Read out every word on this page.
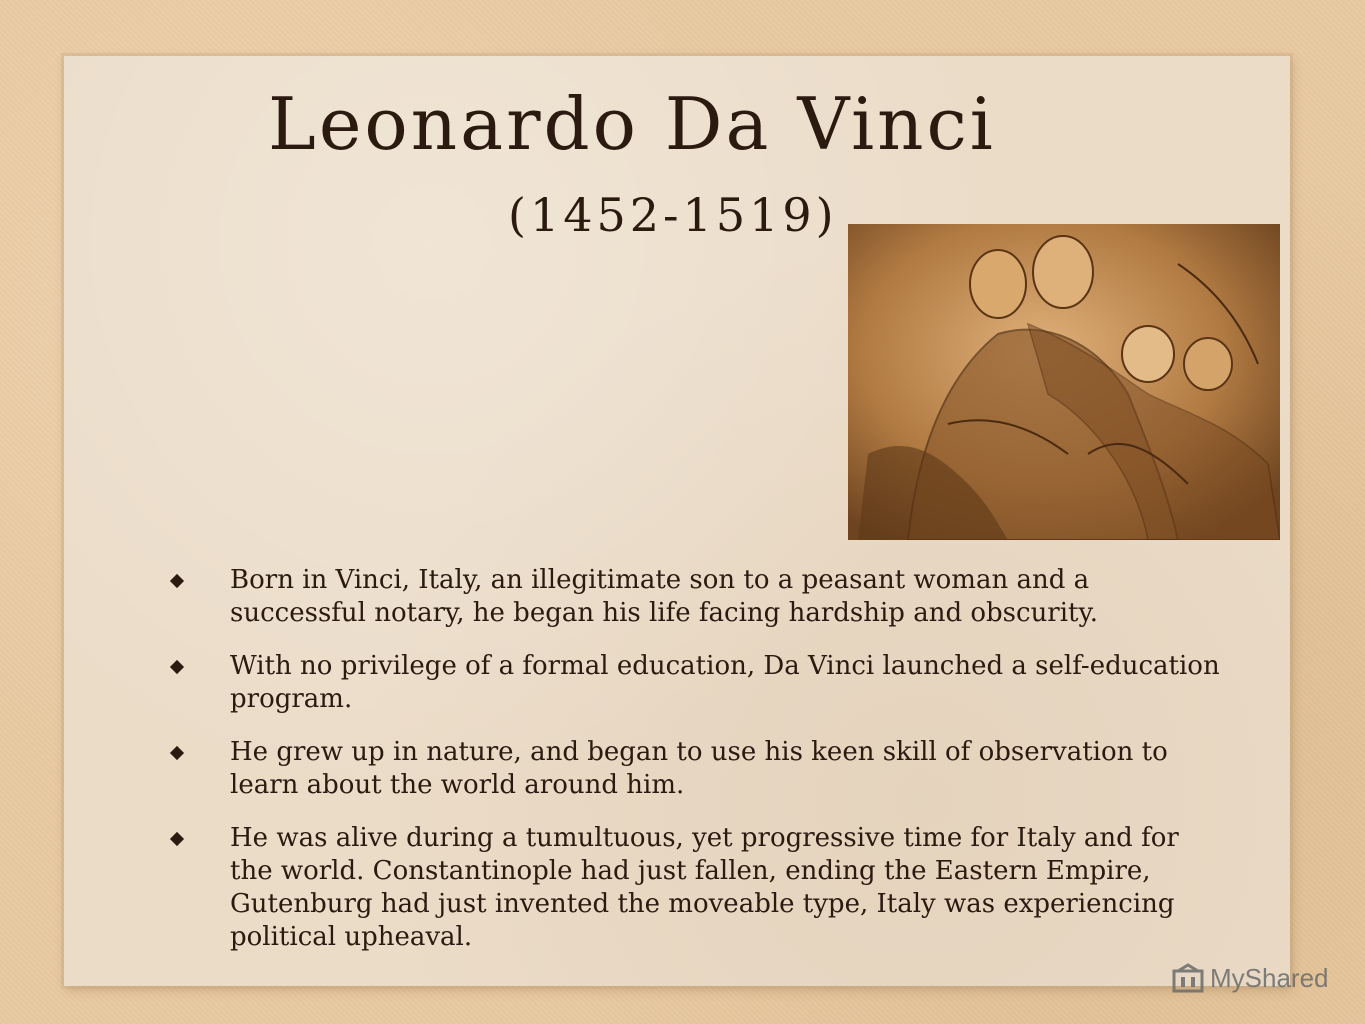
Leonardo Da Vinci
(1452-1519)
Born in Vinci, Italy, an illegitimate son to a peasant woman and a successful notary, he began his life facing hardship and obscurity.
With no privilege of a formal education, Da Vinci launched a self-education program.
He grew up in nature, and began to use his keen skill of observation to learn about the world around him.
He was alive during a tumultuous, yet progressive time for Italy and for the world. Constantinople had just fallen, ending the Eastern Empire, Gutenburg had just invented the moveable type, Italy was experiencing political upheaval.
MyShared
